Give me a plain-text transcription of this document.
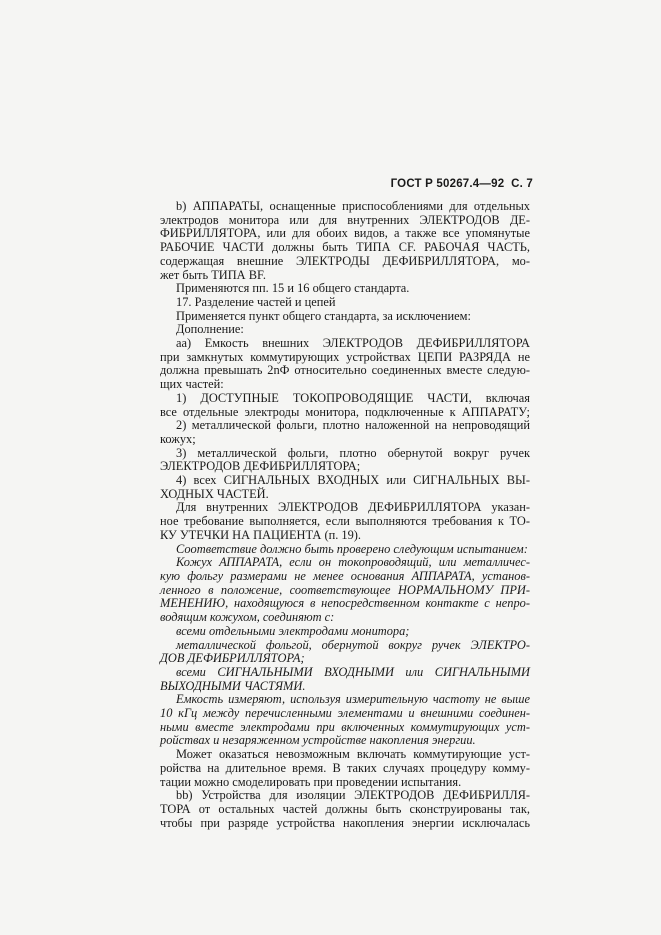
ГОСТ Р 50267.4—92 С. 7
b) АППАРАТЫ, оснащенные приспособлениями для отдельных
электродов монитора или для внутренних ЭЛЕКТРОДОВ ДЕ-
ФИБРИЛЛЯТОРА, или для обоих видов, а также все упомянутые
РАБОЧИЕ ЧАСТИ должны быть ТИПА CF. РАБОЧАЯ ЧАСТЬ,
содержащая внешние ЭЛЕКТРОДЫ ДЕФИБРИЛЛЯТОРА, мо-
жет быть ТИПА BF.
Применяются пп. 15 и 16 общего стандарта.
17. Разделение частей и цепей
Применяется пункт общего стандарта, за исключением:
Дополнение:
aa) Емкость внешних ЭЛЕКТРОДОВ ДЕФИБРИЛЛЯТОРА
при замкнутых коммутирующих устройствах ЦЕПИ РАЗРЯДА не
должна превышать 2nФ относительно соединенных вместе следую-
щих частей:
1) ДОСТУПНЫЕ ТОКОПРОВОДЯЩИЕ ЧАСТИ, включая
все отдельные электроды монитора, подключенные к АППАРАТУ;
2) металлической фольги, плотно наложенной на непроводящий
кожух;
3) металлической фольги, плотно обернутой вокруг ручек
ЭЛЕКТРОДОВ ДЕФИБРИЛЛЯТОРА;
4) всех СИГНАЛЬНЫХ ВХОДНЫХ или СИГНАЛЬНЫХ ВЫ-
ХОДНЫХ ЧАСТЕЙ.
Для внутренних ЭЛЕКТРОДОВ ДЕФИБРИЛЛЯТОРА указан-
ное требование выполняется, если выполняются требования к ТО-
КУ УТЕЧКИ НА ПАЦИЕНТА (п. 19).
Соответствие должно быть проверено следующим испытанием:
Кожух АППАРАТА, если он токопроводящий, или металличес-
кую фольгу размерами не менее основания АППАРАТА, установ-
ленного в положение, соответствующее НОРМАЛЬНОМУ ПРИ-
МЕНЕНИЮ, находящуюся в непосредственном контакте с непро-
водящим кожухом, соединяют с:
всеми отдельными электродами монитора;
металлической фольгой, обернутой вокруг ручек ЭЛЕКТРО-
ДОВ ДЕФИБРИЛЛЯТОРА;
всеми СИГНАЛЬНЫМИ ВХОДНЫМИ или СИГНАЛЬНЫМИ
ВЫХОДНЫМИ ЧАСТЯМИ.
Емкость измеряют, используя измерительную частоту не выше
10 кГц между перечисленными элементами и внешними соединен-
ными вместе электродами при включенных коммутирующих уст-
ройствах и незаряженном устройстве накопления энергии.
Может оказаться невозможным включать коммутирующие уст-
ройства на длительное время. В таких случаях процедуру комму-
тации можно смоделировать при проведении испытания.
bb) Устройства для изоляции ЭЛЕКТРОДОВ ДЕФИБРИЛЛЯ-
ТОРА от остальных частей должны быть сконструированы так,
чтобы при разряде устройства накопления энергии исключалась
